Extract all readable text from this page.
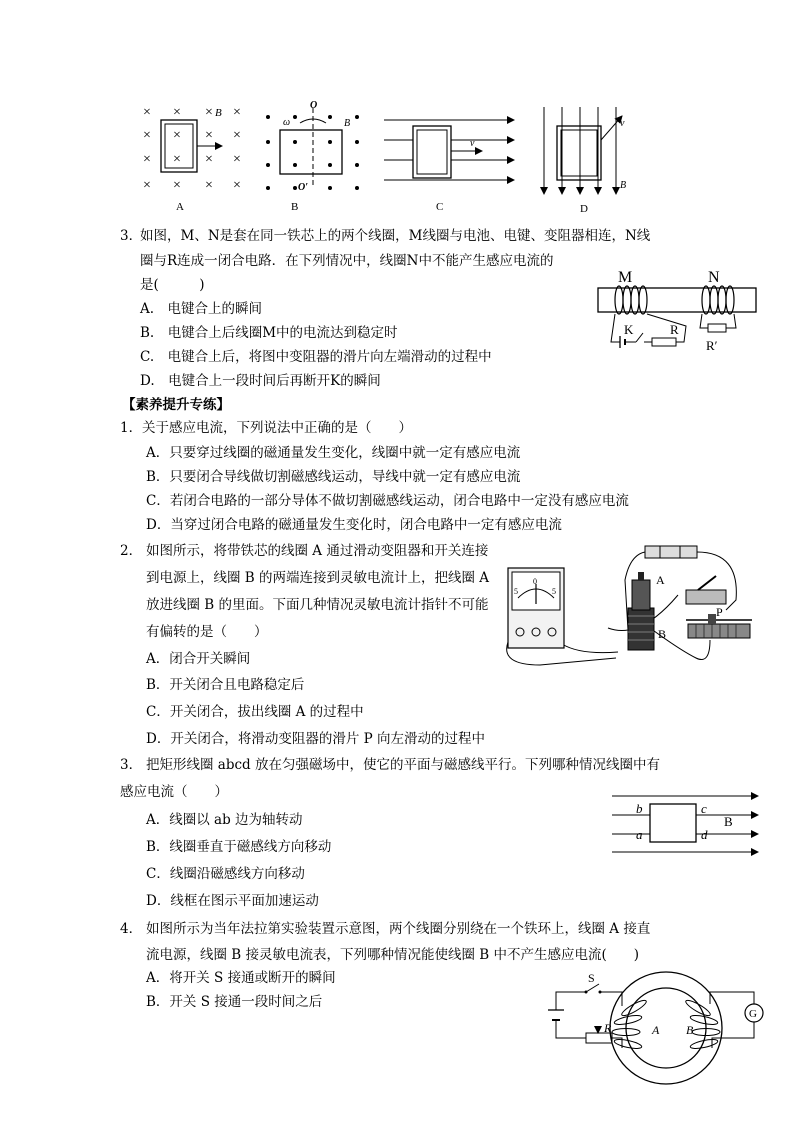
× × × ×
× × × ×
× × × ×
× × × ×
B
A
O
ω	B
O′
B
v
C
v
B
D
3．
如图，M、N是套在同一铁芯上的两个线圈，M线圈与电池、电键、变阻器相连，N线
圈与R连成一闭合电路．在下列情况中，线圈N中不能产生感应电流的
是(　　　)
A.　电键合上的瞬间
B.　电键合上后线圈M中的电流达到稳定时
C.　电键合上后，将图中变阻器的滑片向左端滑动的过程中
D.　电键合上一段时间后再断开K的瞬间
M	N
K	R
R′
【素养提升专练】
1． 关于感应电流，下列说法中正确的是（　　）
A．只要穿过线圈的磁通量发生变化，线圈中就一定有感应电流
B．只要闭合导线做切割磁感线运动，导线中就一定有感应电流
C．若闭合电路的一部分导体不做切割磁感线运动，闭合电路中一定没有感应电流
D．当穿过闭合电路的磁通量发生变化时，闭合电路中一定有感应电流
2． 如图所示，将带铁芯的线圈 A 通过滑动变阻器和开关连接
到电源上，线圈 B 的两端连接到灵敏电流计上，把线圈 A
放进线圈 B 的里面。下面几种情况灵敏电流计指针不可能
有偏转的是（　　）
A．闭合开关瞬间
B．开关闭合且电路稳定后
C．开关闭合，拔出线圈 A 的过程中
D．开关闭合，将滑动变阻器的滑片 P 向左滑动的过程中
5
0
5
B
A
P
3． 把矩形线圈 abcd 放在匀强磁场中，使它的平面与磁感线平行。下列哪种情况线圈中有
感应电流（　　）
A．线圈以 ab 边为轴转动
B．线圈垂直于磁感线方向移动
C．线圈沿磁感线方向移动
D．线框在图示平面加速运动
b	c
a	d
B
4． 如图所示为当年法拉第实验装置示意图，两个线圈分别绕在一个铁环上，线圈 A 接直
流电源，线圈 B 接灵敏电流表，下列哪种情况能使线圈 B 中不产生感应电流(　　)
A．将开关 S 接通或断开的瞬间
B．开关 S 接通一段时间之后
A B
S
R
G
